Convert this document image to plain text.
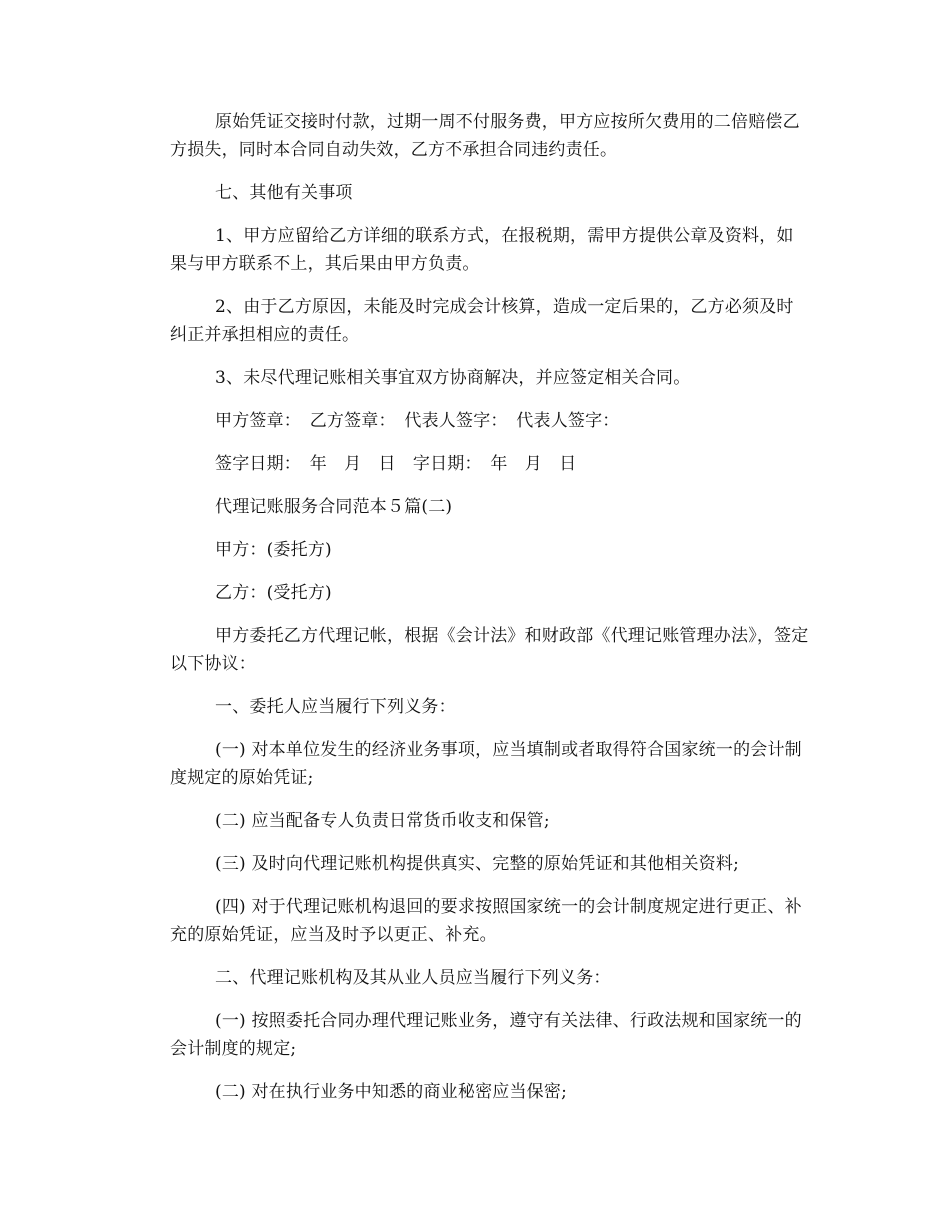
原始凭证交接时付款，过期一周不付服务费，甲方应按所欠费用的二倍赔偿乙方损失，同时本合同自动失效，乙方不承担合同违约责任。

七、其他有关事项

1、甲方应留给乙方详细的联系方式，在报税期，需甲方提供公章及资料，如果与甲方联系不上，其后果由甲方负责。

2、由于乙方原因，未能及时完成会计核算，造成一定后果的，乙方必须及时纠正并承担相应的责任。

3、未尽代理记账相关事宜双方协商解决，并应签定相关合同。

甲方签章：　乙方签章：　代表人签字：　代表人签字：

签字日期：　年　月　日　字日期：　年　月　日

代理记账服务合同范本５篇(二)

甲方：(委托方)

乙方：(受托方)

甲方委托乙方代理记帐，根据《会计法》和财政部《代理记账管理办法》，签定以下协议：

一、委托人应当履行下列义务：

(一) 对本单位发生的经济业务事项，应当填制或者取得符合国家统一的会计制度规定的原始凭证;

(二) 应当配备专人负责日常货币收支和保管;

(三) 及时向代理记账机构提供真实、完整的原始凭证和其他相关资料;

(四) 对于代理记账机构退回的要求按照国家统一的会计制度规定进行更正、补充的原始凭证，应当及时予以更正、补充。

二、代理记账机构及其从业人员应当履行下列义务：

(一) 按照委托合同办理代理记账业务，遵守有关法律、行政法规和国家统一的会计制度的规定;

(二) 对在执行业务中知悉的商业秘密应当保密;
